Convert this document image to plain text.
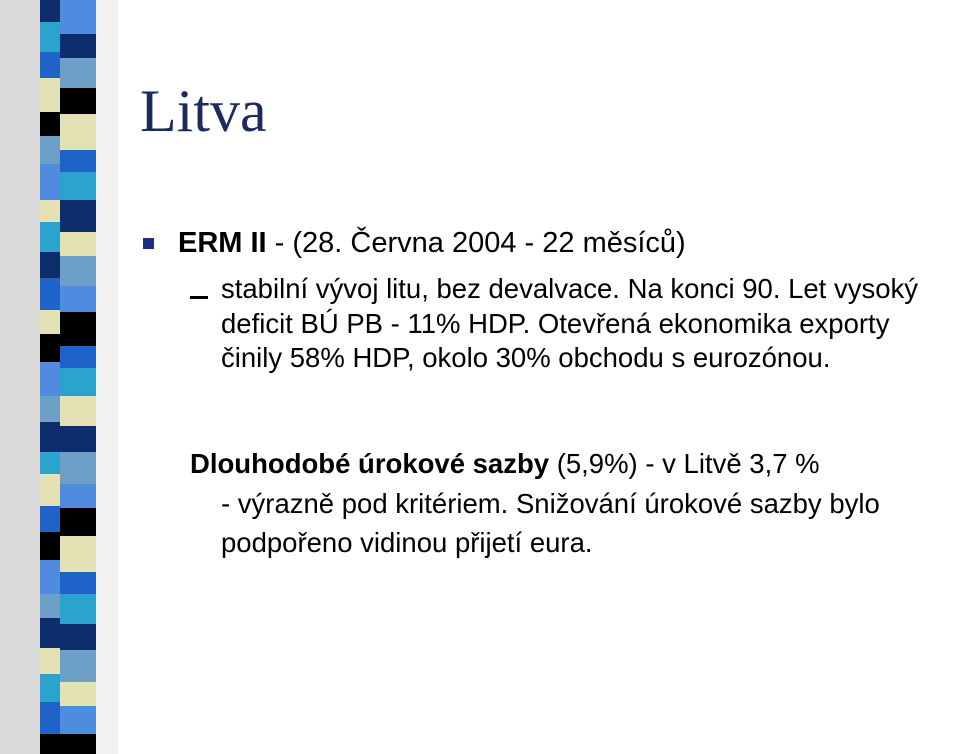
Litva
ERM II - (28. Června 2004 - 22 měsíců)
stabilní vývoj litu, bez devalvace. Na konci 90. Let vysoký deficit BÚ PB - 11% HDP. Otevřená ekonomika exporty činily 58% HDP, okolo 30% obchodu s eurozónou.
Dlouhodobé úrokové sazby (5,9%) - v Litvě 3,7 %
- výrazně pod kritériem. Snižování úrokové sazby bylo podpořeno vidinou přijetí eura.
